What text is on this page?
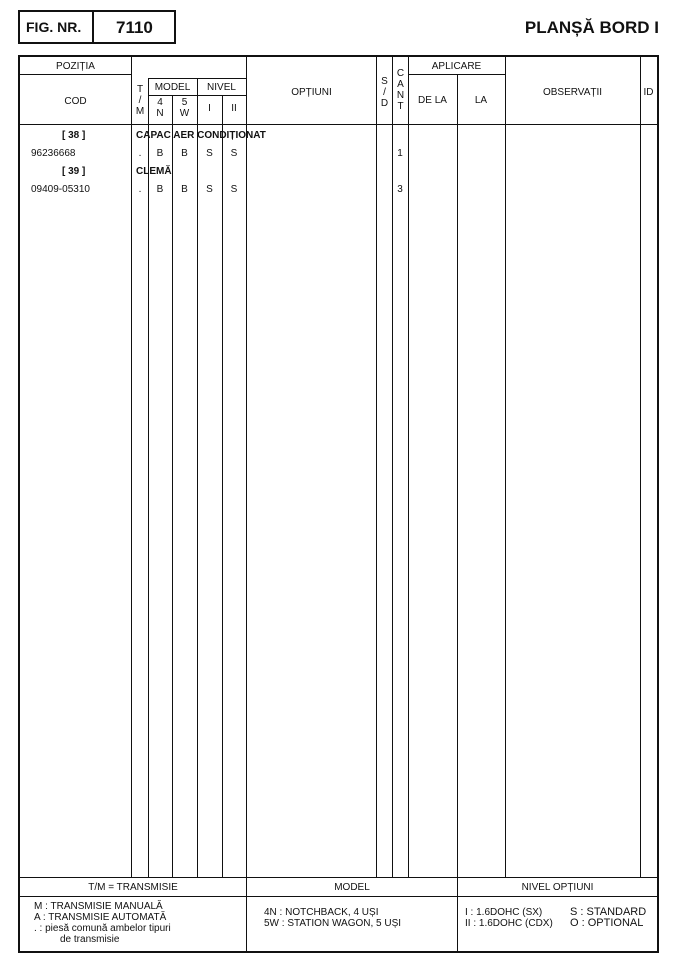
FIG. NR. 7110	PLANȘĂ BORD I
POZIȚIA
COD
T
/
M
MODEL	NIVEL
4
N
5
W	I	II
OPȚIUNI
S
/
D
C
A
N
T
APLICARE
DE LA	LA
OBSERVAȚII	ID
[ 38 ]	CAPAC AER CONDIȚIONAT
96236668	.	B	B	S	S	1
[ 39 ]	CLEMĂ
09409-05310	.	B	B	S	S	3
T/M = TRANSMISIE
M : TRANSMISIE MANUALĂ
A : TRANSMISIE AUTOMATĂ
. : piesă comună ambelor tipuri
de transmisie
MODEL
4N : NOTCHBACK, 4 UȘI
5W : STATION WAGON, 5 UȘI
NIVEL OPȚIUNI
I : 1.6DOHC (SX)
II : 1.6DOHC (CDX)
S : STANDARD
O : OPTIONAL
